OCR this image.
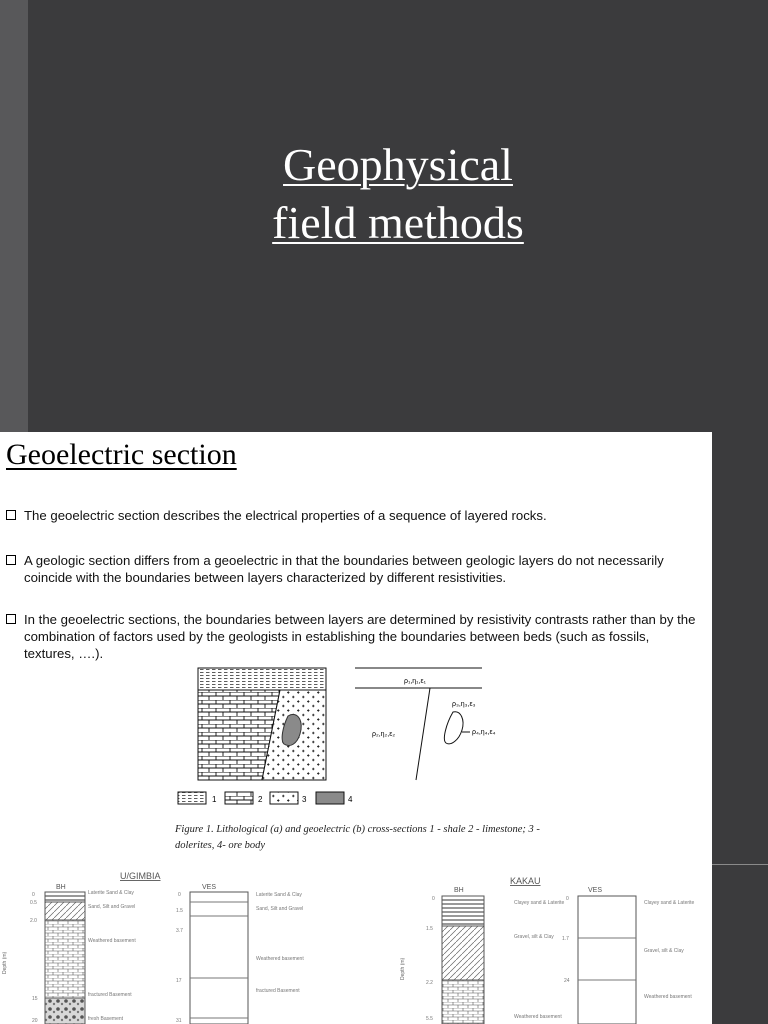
Geophysical
field methods
Geoelectric section
The geoelectric section describes the electrical properties of a sequence of layered rocks.
A geologic section differs from a geoelectric in that the boundaries between geologic layers do not necessarily coincide with the boundaries between layers characterized by different resistivities.
In the geoelectric sections, the boundaries between layers are determined by resistivity contrasts rather than by the combination of factors used by the geologists in establishing the boundaries between beds (such as fossils, textures, ….).
1	2	3	4
ρ₁,η₁,ε₁
ρ₂,η₂,ε₂
ρ₃,η₃,ε₃
ρ₄,η₄,ε₄
Figure 1. Lithological (a) and geoelectric (b) cross-sections 1 - shale 2 - limestone; 3 - dolerites, 4- ore body
U/GIMBIA
BH	VES
Depth (m)
0
0.5
2.0
15
20
Laterite Sand & Clay
Sand, Silt and Gravel
Weathered basement
fractured Basement
fresh Basement
0
1.5
3.7
17
31
Laterite Sand & Clay
Sand, Silt and Gravel
Weathered basement
fractured Basement
KAKAU
BH	VES
Depth (m)
0
1.5
2.2
5.5
Clayey sand & Laterite
Gravel, silt & Clay
Weathered basement
0
1.7
24
Clayey sand & Laterite
Gravel, silt & Clay
Weathered basement
